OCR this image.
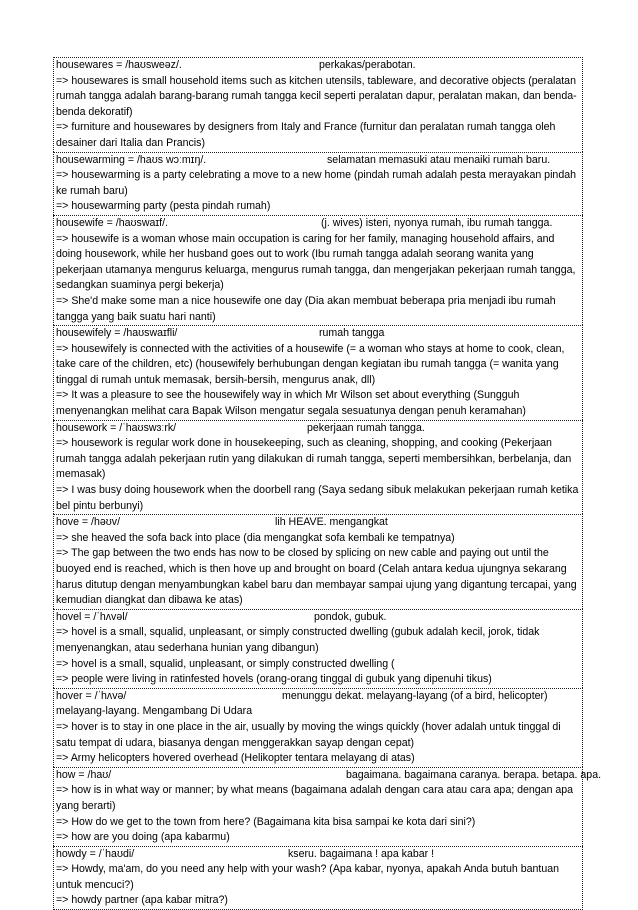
housewares = /haʊsweəz/.	perkakas/perabotan.
=> housewares is small household items such as kitchen utensils, tableware, and decorative objects (peralatan rumah tangga adalah barang-barang rumah tangga kecil seperti peralatan dapur, peralatan makan, dan benda-benda dekoratif)
=> furniture and housewares by designers from Italy and France (furnitur dan peralatan rumah tangga oleh desainer dari Italia dan Prancis)
housewarming = /haʊs wɔːmɪŋ/.	selamatan memasuki atau menaiki rumah baru.
=> housewarming is a party celebrating a move to a new home (pindah rumah adalah pesta merayakan pindah ke rumah baru)
=> housewarming party (pesta pindah rumah)
housewife = /haʊswaɪf/.	(j. wives) isteri, nyonya rumah, ibu rumah tangga.
=> housewife is a woman whose main occupation is caring for her family, managing household affairs, and doing housework, while her husband goes out to work (Ibu rumah tangga adalah seorang wanita yang pekerjaan utamanya mengurus keluarga, mengurus rumah tangga, dan mengerjakan pekerjaan rumah tangga, sedangkan suaminya pergi bekerja)
=> She'd make some man a nice housewife one day (Dia akan membuat beberapa pria menjadi ibu rumah tangga yang baik suatu hari nanti)
housewifely = /haʊswaɪfli/	rumah tangga
=> housewifely is connected with the activities of a housewife (= a woman who stays at home to cook, clean, take care of the children, etc) (housewifely berhubungan dengan kegiatan ibu rumah tangga (= wanita yang tinggal di rumah untuk memasak, bersih-bersih, mengurus anak, dll)
=> It was a pleasure to see the housewifely way in which Mr Wilson set about everything (Sungguh menyenangkan melihat cara Bapak Wilson mengatur segala sesuatunya dengan penuh keramahan)
housework = /ˈhaʊswɜːrk/	pekerjaan rumah tangga.
=> housework is regular work done in housekeeping, such as cleaning, shopping, and cooking (Pekerjaan rumah tangga adalah pekerjaan rutin yang dilakukan di rumah tangga, seperti membersihkan, berbelanja, dan memasak)
=> I was busy doing housework when the doorbell rang (Saya sedang sibuk melakukan pekerjaan rumah ketika bel pintu berbunyi)
hove = /həʊv/	lih HEAVE. mengangkat
=> she heaved the sofa back into place (dia mengangkat sofa kembali ke tempatnya)
=> The gap between the two ends has now to be closed by splicing on new cable and paying out until the buoyed end is reached, which is then hove up and brought on board (Celah antara kedua ujungnya sekarang harus ditutup dengan menyambungkan kabel baru dan membayar sampai ujung yang digantung tercapai, yang kemudian diangkat dan dibawa ke atas)
hovel = /ˈhʌvəl/	pondok, gubuk.
=> hovel is a small, squalid, unpleasant, or simply constructed dwelling (gubuk adalah kecil, jorok, tidak menyenangkan, atau sederhana hunian yang dibangun)
=> hovel is a small, squalid, unpleasant, or simply constructed dwelling (
=> people were living in ratinfested hovels (orang-orang tinggal di gubuk yang dipenuhi tikus)
hover = /ˈhʌvə/	menunggu dekat. melayang-layang (of a bird, helicopter)
melayang-layang. Mengambang Di Udara
=> hover is to stay in one place in the air, usually by moving the wings quickly (hover adalah untuk tinggal di satu tempat di udara, biasanya dengan menggerakkan sayap dengan cepat)
=> Army helicopters hovered overhead (Helikopter tentara melayang di atas)
how = /haʊ/	bagaimana. bagaimana caranya. berapa. betapa. apa.
=> how is in what way or manner; by what means (bagaimana adalah dengan cara atau cara apa; dengan apa yang berarti)
=> How do we get to the town from here? (Bagaimana kita bisa sampai ke kota dari sini?)
=> how are you doing (apa kabarmu)
howdy = /ˈhaʊdi/	kseru. bagaimana ! apa kabar !
=> Howdy, ma'am, do you need any help with your wash? (Apa kabar, nyonya, apakah Anda butuh bantuan untuk mencuci?)
=> howdy partner (apa kabar mitra?)
